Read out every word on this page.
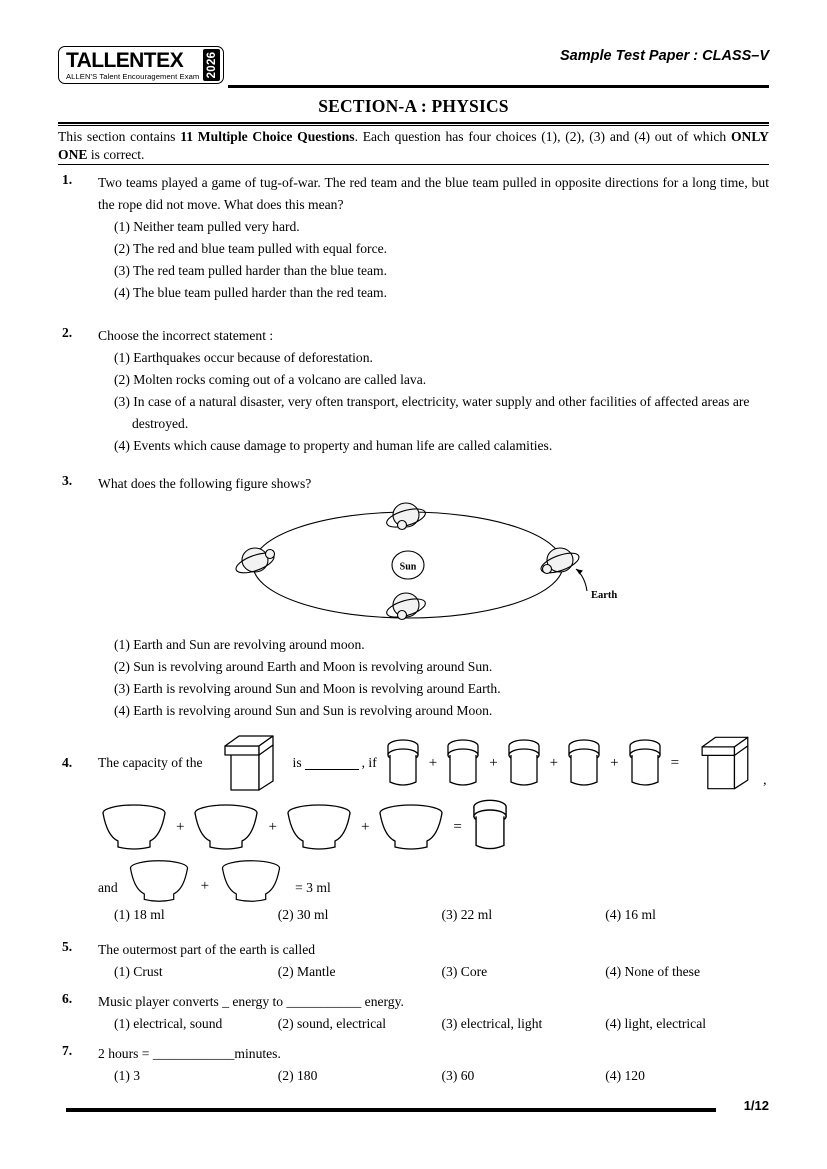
TALLENTEX
ALLEN'S Talent Encouragement Exam 2026	Sample Test Paper : CLASS–V
SECTION-A : PHYSICS
This section contains 11 Multiple Choice Questions. Each question has four choices (1), (2), (3) and (4) out of which ONLY ONE is correct.
1.	Two teams played a game of tug-of-war. The red team and the blue team pulled in opposite directions for a long time, but the rope did not move. What does this mean?
(1) Neither team pulled very hard.
(2) The red and blue team pulled with equal force.
(3) The red team pulled harder than the blue team.
(4) The blue team pulled harder than the red team.
2.	Choose the incorrect statement :
(1) Earthquakes occur because of deforestation.
(2) Molten rocks coming out of a volcano are called lava.
(3) In case of a natural disaster, very often transport, electricity, water supply and other facilities of affected areas are destroyed.
(4) Events which cause damage to property and human life are called calamities.
3.	What does the following figure shows?
Sun
Earth
(1) Earth and Sun are revolving around moon.
(2) Sun is revolving around Earth and Moon is revolving around Sun.
(3) Earth is revolving around Sun and Moon is revolving around Earth.
(4) Earth is revolving around Sun and Sun is revolving around Moon.
4.	The capacity of the	is	, if	+	+	+	+	=
,
+	+	+	=
and	+	= 3 ml
(1) 18 ml	(2) 30 ml	(3) 22 ml	(4) 16 ml
5.	The outermost part of the earth is called
(1) Crust	(2) Mantle	(3) Core	(4) None of these
6.	Music player converts _ energy to ___________ energy.
(1) electrical, sound	(2) sound, electrical	(3) electrical, light	(4) light, electrical
7.	2 hours = ____________minutes.
(1) 3	(2) 180	(3) 60	(4) 120
1/12
